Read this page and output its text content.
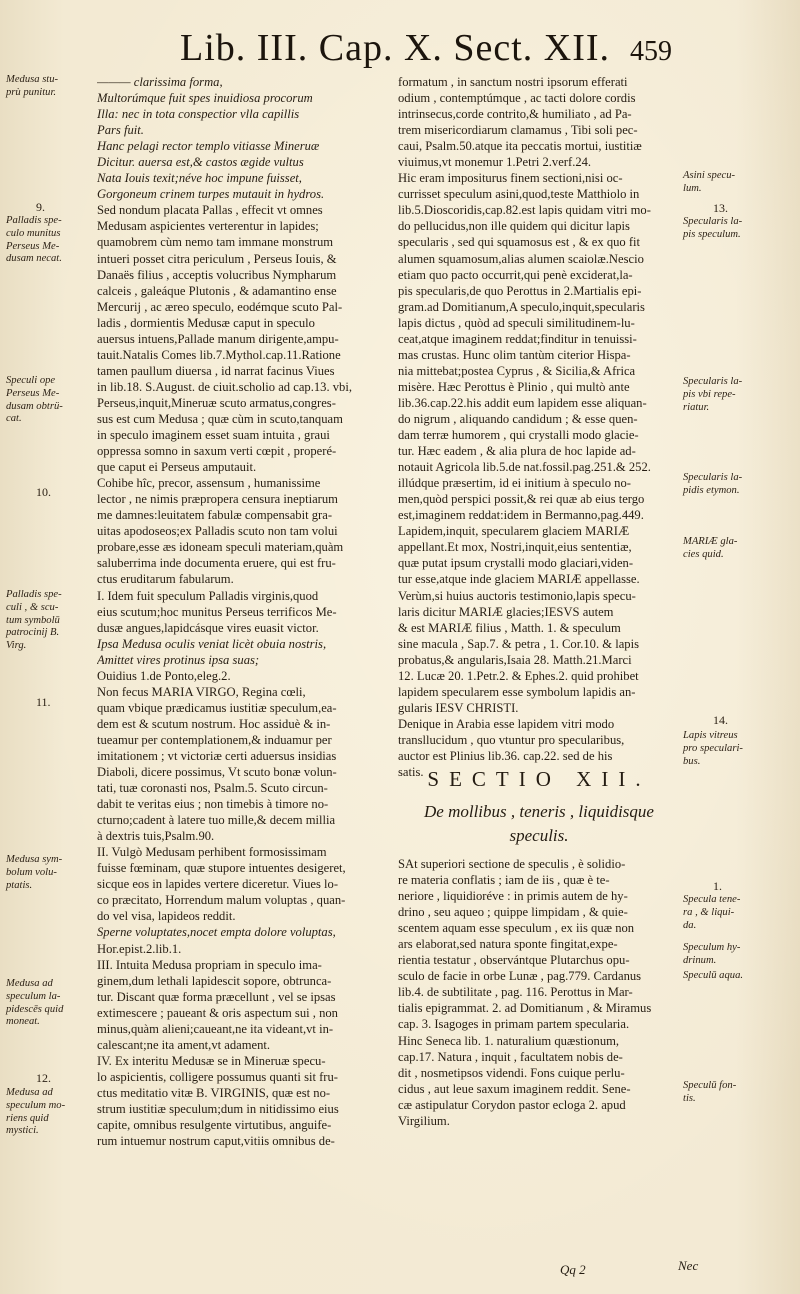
Lib. III. Cap. X. Sect. XII. 459
Medusa stu-
prù punitur.
9.
Palladis spe-
culo munitus
Perseus Me-
dusam necat.
Speculi ope
Perseus Me-
dusam obtrü-
cat.
10.
Palladis spe-
culi , & scu-
tum symbolū
patrocinij B.
Virg.
11.
Medusa sym-
bolum volu-
ptatis.
Medusa ad
speculum la-
pidescēs quid
moneat.
12.
Medusa ad
speculum mo-
riens quid
mystici.
——— clarissima forma,
Multorúmque fuit spes inuidiosa procorum
Illa: nec in tota conspectior vlla capillis
Pars fuit.
Hanc pelagi rector templo vitiasse Mineruæ
Dicitur. auersa est,& castos ægide vultus
Nata Iouis texit;néve hoc impune fuisset,
Gorgoneum crinem turpes mutauit in hydros.
Sed nondum placata Pallas , effecit vt omnes
Medusam aspicientes verterentur in lapides;
quamobrem cùm nemo tam immane monstrum
intueri posset citra periculum , Perseus Iouis, &
Danaës filius , acceptis volucribus Nympharum
calceis , galeáque Plutonis , & adamantino ense
Mercurij , ac æreo speculo, eodémque scuto Pal-
ladis , dormientis Medusæ caput in speculo
auersus intuens,Pallade manum dirigente,ampu-
tauit.Natalis Comes lib.7.Mythol.cap.11.Ratione
tamen paullum diuersa , id narrat facinus Viues
in lib.18. S.August. de ciuit.scholio ad cap.13. vbi,
Perseus,inquit,Mineruæ scuto armatus,congres-
sus est cum Medusa ; quæ cùm in scuto,tanquam
in speculo imaginem esset suam intuita , graui
oppressa somno in saxum verti cœpit , properé-
que caput ei Perseus amputauit.
Cohibe hîc, precor, assensum , humanissime
lector , ne nimis præpropera censura ineptiarum
me damnes:leuitatem fabulæ compensabit gra-
uitas apodoseos;ex Palladis scuto non tam volui
probare,esse æs idoneam speculi materiam,quàm
saluberrima inde documenta eruere, qui est fru-
ctus eruditarum fabularum.
I. Idem fuit speculum Palladis virginis,quod
eius scutum;hoc munitus Perseus terrificos Me-
dusæ angues,lapidcásque vires euasit victor.
Ipsa Medusa oculis veniat licèt obuia nostris,
Amittet vires protinus ipsa suas;
Ouidius 1.de Ponto,eleg.2.
Non fecus MARIA VIRGO, Regina cœli,
quam vbique prædicamus iustitiæ speculum,ea-
dem est & scutum nostrum. Hoc assiduè & in-
tueamur per contemplationem,& induamur per
imitationem ; vt victoriæ certi aduersus insidias
Diaboli, dicere possimus, Vt scuto bonæ volun-
tati, tuæ coronasti nos, Psalm.5. Scuto circun-
dabit te veritas eius ; non timebis à timore no-
cturno;cadent à latere tuo mille,& decem millia
à dextris tuis,Psalm.90.
II. Vulgò Medusam perhibent formosissimam
fuisse fœminam, quæ stupore intuentes desigeret,
sicque eos in lapides vertere diceretur. Viues lo-
co præcitato, Horrendum malum voluptas , quan-
do vel visa, lapideos reddit.
Sperne voluptates,nocet empta dolore voluptas,
Hor.epist.2.lib.1.
III. Intuita Medusa propriam in speculo ima-
ginem,dum lethali lapidescit sopore, obtrunca-
tur. Discant quæ forma præcellunt , vel se ipsas
extimescere ; paueant & oris aspectum sui , non
minus,quàm alieni;caueant,ne ita videant,vt in-
calescant;ne ita ament,vt adament.
IV. Ex interitu Medusæ se in Mineruæ specu-
lo aspicientis, colligere possumus quanti sit fru-
ctus meditatio vitæ B. VIRGINIS, quæ est no-
strum iustitiæ speculum;dum in nitidissimo eius
capite, omnibus resulgente virtutibus, anguife-
rum intuemur nostrum caput,vitiis omnibus de-
formatum , in sanctum nostri ipsorum efferati
odium , contemptúmque , ac tacti dolore cordis
intrinsecus,corde contrito,& humiliato , ad Pa-
trem misericordiarum clamamus , Tibi soli pec-
caui, Psalm.50.atque ita peccatis mortui, iustitiæ
viuimus,vt monemur 1.Petri 2.verf.24.
Hic eram impositurus finem sectioni,nisi oc-
currisset speculum asini,quod,teste Matthiolo in
lib.5.Dioscoridis,cap.82.est lapis quidam vitri mo-
do pellucidus,non ille quidem qui dicitur lapis
specularis , sed qui squamosus est , & ex quo fit
alumen squamosum,alias alumen scaiolæ.Nescio
etiam quo pacto occurrit,qui penè exciderat,la-
pis specularis,de quo Perottus in 2.Martialis epi-
gram.ad Domitianum,A speculo,inquit,specularis
lapis dictus , quòd ad speculi similitudinem-lu-
ceat,atque imaginem reddat;finditur in tenuissi-
mas crustas. Hunc olim tantùm citerior Hispa-
nia mittebat;postea Cyprus , & Sicilia,& Africa
misère. Hæc Perottus è Plinio , qui multò ante
lib.36.cap.22.his addit eum lapidem esse aliquan-
do nigrum , aliquando candidum ; & esse quen-
dam terræ humorem , qui crystalli modo glacie-
tur. Hæc eadem , & alia plura de hoc lapide ad-
notauit Agricola lib.5.de nat.fossil.pag.251.& 252.
illúdque præsertim, id ei initium à speculo no-
men,quòd perspici possit,& rei quæ ab eius tergo
est,imaginem reddat:idem in Bermanno,pag.449.
Lapidem,inquit, specularem glaciem MARIÆ
appellant.Et mox, Nostri,inquit,eius sententiæ,
quæ putat ipsum crystalli modo glaciari,viden-
tur esse,atque inde glaciem MARIÆ appellasse.
Verùm,si huius auctoris testimonio,lapis specu-
laris dicitur MARIÆ glacies;IESVS autem
& est MARIÆ filius , Matth. 1. & speculum
sine macula , Sap.7. & petra , 1. Cor.10. & lapis
probatus,& angularis,Isaia 28. Matth.21.Marci
12. Lucæ 20. 1.Petr.2. & Ephes.2. quid prohibet
lapidem specularem esse symbolum lapidis an-
gularis IESV CHRISTI.
Denique in Arabia esse lapidem vitri modo
transllucidum , quo vtuntur pro specularibus,
auctor est Plinius lib.36. cap.22. sed de his
satis. SECTIO XII.
De mollibus , teneris , liquidisque
speculis.
SAt superiori sectione de speculis , è solidio-
re materia conflatis ; iam de iis , quæ è te-
neriore , liquidioréve : in primis autem de hy-
drino , seu aqueo ; quippe limpidam , & quie-
scentem aquam esse speculum , ex iis quæ non
ars elaborat,sed natura sponte fingitat,expe-
rientia testatur , observántque Plutarchus opu-
sculo de facie in orbe Lunæ , pag.779. Cardanus
lib.4. de subtilitate , pag. 116. Perottus in Mar-
tialis epigrammat. 2. ad Domitianum , & Miramus
cap. 3. Isagoges in primam partem specularia.
Hinc Seneca lib. 1. naturalium quæstionum,
cap.17. Natura , inquit , facultatem nobis de-
dit , nosmetipsos videndi. Fons cuique perlu-
cidus , aut leue saxum imaginem reddit. Sene-
cæ astipulatur Corydon pastor ecloga 2. apud
Virgilium.
Asini specu-
lum.
13.
Specularis la-
pis speculum.
Specularis la-
pis vbi repe-
riatur.
Specularis la-
pidis etymon.
MARIÆ gla-
cies quid.
14.
Lapis vitreus
pro speculari-
bus.
1.
Specula tene-
ra , & liqui-
da.
Speculum hy-
drinum.
Speculū aqua.
Speculū fon-
tis.
Qq 2	Nec
